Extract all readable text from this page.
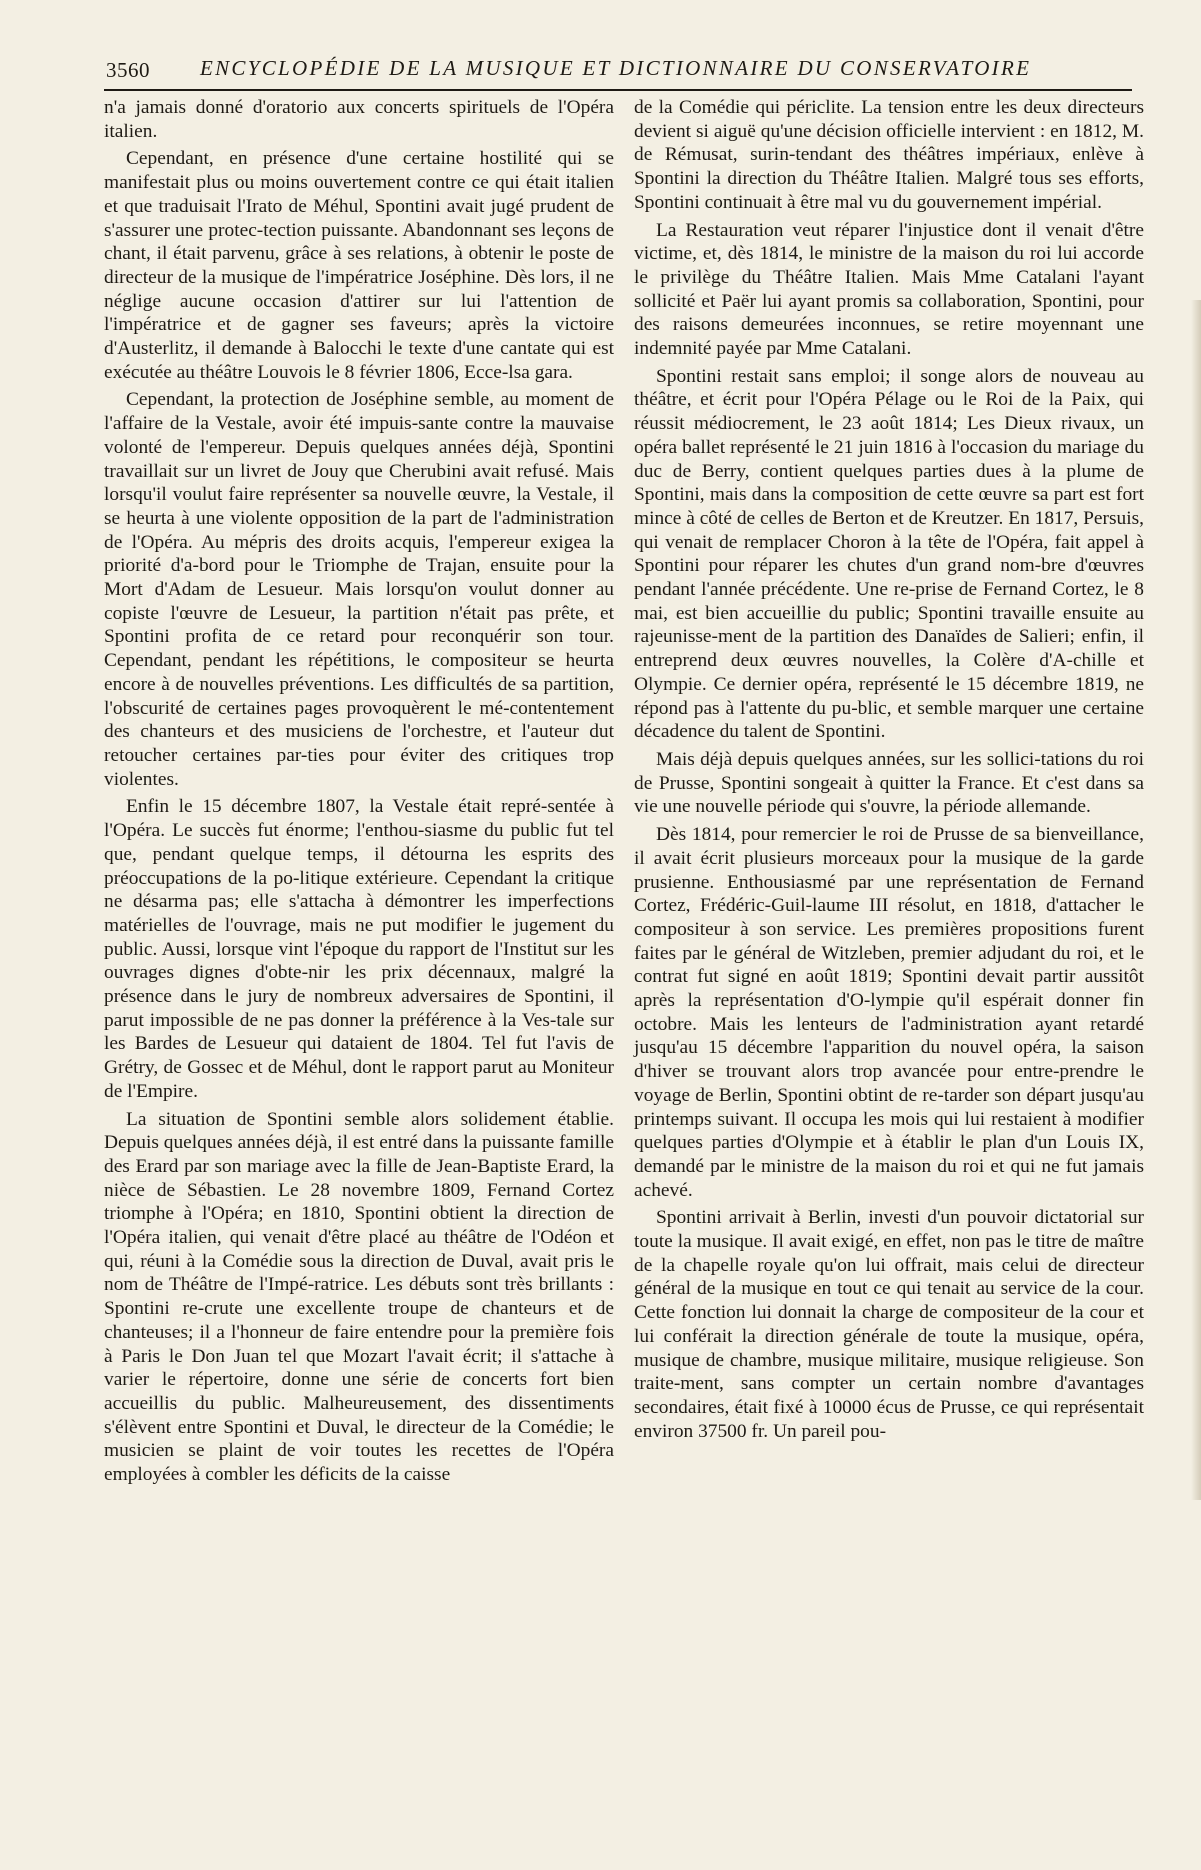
3560 ENCYCLOPÉDIE DE LA MUSIQUE ET DICTIONNAIRE DU CONSERVATOIRE

n'a jamais donné d'oratorio aux concerts spirituels de l'Opéra italien.

Cependant, en présence d'une certaine hostilité qui se manifestait plus ou moins ouvertement contre ce qui était italien et que traduisait l'Irato de Méhul, Spontini avait jugé prudent de s'assurer une protec-tection puissante. Abandonnant ses leçons de chant, il était parvenu, grâce à ses relations, à obtenir le poste de directeur de la musique de l'impératrice Joséphine. Dès lors, il ne néglige aucune occasion d'attirer sur lui l'attention de l'impératrice et de gagner ses faveurs; après la victoire d'Austerlitz, il demande à Balocchi le texte d'une cantate qui est exécutée au théâtre Louvois le 8 février 1806, Ecce-lsa gara.

Cependant, la protection de Joséphine semble, au moment de l'affaire de la Vestale, avoir été impuis-sante contre la mauvaise volonté de l'empereur. Depuis quelques années déjà, Spontini travaillait sur un livret de Jouy que Cherubini avait refusé. Mais lorsqu'il voulut faire représenter sa nouvelle œuvre, la Vestale, il se heurta à une violente opposition de la part de l'administration de l'Opéra. Au mépris des droits acquis, l'empereur exigea la priorité d'a-bord pour le Triomphe de Trajan, ensuite pour la Mort d'Adam de Lesueur. Mais lorsqu'on voulut donner au copiste l'œuvre de Lesueur, la partition n'était pas prête, et Spontini profita de ce retard pour reconquérir son tour. Cependant, pendant les répétitions, le compositeur se heurta encore à de nouvelles préventions. Les difficultés de sa partition, l'obscurité de certaines pages provoquèrent le mé-contentement des chanteurs et des musiciens de l'orchestre, et l'auteur dut retoucher certaines par-ties pour éviter des critiques trop violentes.

Enfin le 15 décembre 1807, la Vestale était repré-sentée à l'Opéra. Le succès fut énorme; l'enthou-siasme du public fut tel que, pendant quelque temps, il détourna les esprits des préoccupations de la po-litique extérieure. Cependant la critique ne désarma pas; elle s'attacha à démontrer les imperfections matérielles de l'ouvrage, mais ne put modifier le jugement du public. Aussi, lorsque vint l'époque du rapport de l'Institut sur les ouvrages dignes d'obte-nir les prix décennaux, malgré la présence dans le jury de nombreux adversaires de Spontini, il parut impossible de ne pas donner la préférence à la Ves-tale sur les Bardes de Lesueur qui dataient de 1804. Tel fut l'avis de Grétry, de Gossec et de Méhul, dont le rapport parut au Moniteur de l'Empire.

La situation de Spontini semble alors solidement établie. Depuis quelques années déjà, il est entré dans la puissante famille des Erard par son mariage avec la fille de Jean-Baptiste Erard, la nièce de Sébastien. Le 28 novembre 1809, Fernand Cortez triomphe à l'Opéra; en 1810, Spontini obtient la direction de l'Opéra italien, qui venait d'être placé au théâtre de l'Odéon et qui, réuni à la Comédie sous la direction de Duval, avait pris le nom de Théâtre de l'Impé-ratrice. Les débuts sont très brillants : Spontini re-crute une excellente troupe de chanteurs et de chanteuses; il a l'honneur de faire entendre pour la première fois à Paris le Don Juan tel que Mozart l'avait écrit; il s'attache à varier le répertoire, donne une série de concerts fort bien accueillis du public. Malheureusement, des dissentiments s'élèvent entre Spontini et Duval, le directeur de la Comédie; le musicien se plaint de voir toutes les recettes de l'Opéra employées à combler les déficits de la caisse

de la Comédie qui périclite. La tension entre les deux directeurs devient si aiguë qu'une décision officielle intervient : en 1812, M. de Rémusat, surin-tendant des théâtres impériaux, enlève à Spontini la direction du Théâtre Italien. Malgré tous ses efforts, Spontini continuait à être mal vu du gouvernement impérial.

La Restauration veut réparer l'injustice dont il venait d'être victime, et, dès 1814, le ministre de la maison du roi lui accorde le privilège du Théâtre Italien. Mais Mme Catalani l'ayant sollicité et Paër lui ayant promis sa collaboration, Spontini, pour des raisons demeurées inconnues, se retire moyennant une indemnité payée par Mme Catalani.

Spontini restait sans emploi; il songe alors de nouveau au théâtre, et écrit pour l'Opéra Pélage ou le Roi de la Paix, qui réussit médiocrement, le 23 août 1814; Les Dieux rivaux, un opéra ballet représenté le 21 juin 1816 à l'occasion du mariage du duc de Berry, contient quelques parties dues à la plume de Spontini, mais dans la composition de cette œuvre sa part est fort mince à côté de celles de Berton et de Kreutzer. En 1817, Persuis, qui venait de remplacer Choron à la tête de l'Opéra, fait appel à Spontini pour réparer les chutes d'un grand nom-bre d'œuvres pendant l'année précédente. Une re-prise de Fernand Cortez, le 8 mai, est bien accueillie du public; Spontini travaille ensuite au rajeunisse-ment de la partition des Danaïdes de Salieri; enfin, il entreprend deux œuvres nouvelles, la Colère d'A-chille et Olympie. Ce dernier opéra, représenté le 15 décembre 1819, ne répond pas à l'attente du pu-blic, et semble marquer une certaine décadence du talent de Spontini.

Mais déjà depuis quelques années, sur les sollici-tations du roi de Prusse, Spontini songeait à quitter la France. Et c'est dans sa vie une nouvelle période qui s'ouvre, la période allemande.

Dès 1814, pour remercier le roi de Prusse de sa bienveillance, il avait écrit plusieurs morceaux pour la musique de la garde prusienne. Enthousiasmé par une représentation de Fernand Cortez, Frédéric-Guil-laume III résolut, en 1818, d'attacher le compositeur à son service. Les premières propositions furent faites par le général de Witzleben, premier adjudant du roi, et le contrat fut signé en août 1819; Spontini devait partir aussitôt après la représentation d'O-lympie qu'il espérait donner fin octobre. Mais les lenteurs de l'administration ayant retardé jusqu'au 15 décembre l'apparition du nouvel opéra, la saison d'hiver se trouvant alors trop avancée pour entre-prendre le voyage de Berlin, Spontini obtint de re-tarder son départ jusqu'au printemps suivant. Il occupa les mois qui lui restaient à modifier quelques parties d'Olympie et à établir le plan d'un Louis IX, demandé par le ministre de la maison du roi et qui ne fut jamais achevé.

Spontini arrivait à Berlin, investi d'un pouvoir dictatorial sur toute la musique. Il avait exigé, en effet, non pas le titre de maître de la chapelle royale qu'on lui offrait, mais celui de directeur général de la musique en tout ce qui tenait au service de la cour. Cette fonction lui donnait la charge de compositeur de la cour et lui conférait la direction générale de toute la musique, opéra, musique de chambre, musique militaire, musique religieuse. Son traite-ment, sans compter un certain nombre d'avantages secondaires, était fixé à 10000 écus de Prusse, ce qui représentait environ 37500 fr. Un pareil pou-
